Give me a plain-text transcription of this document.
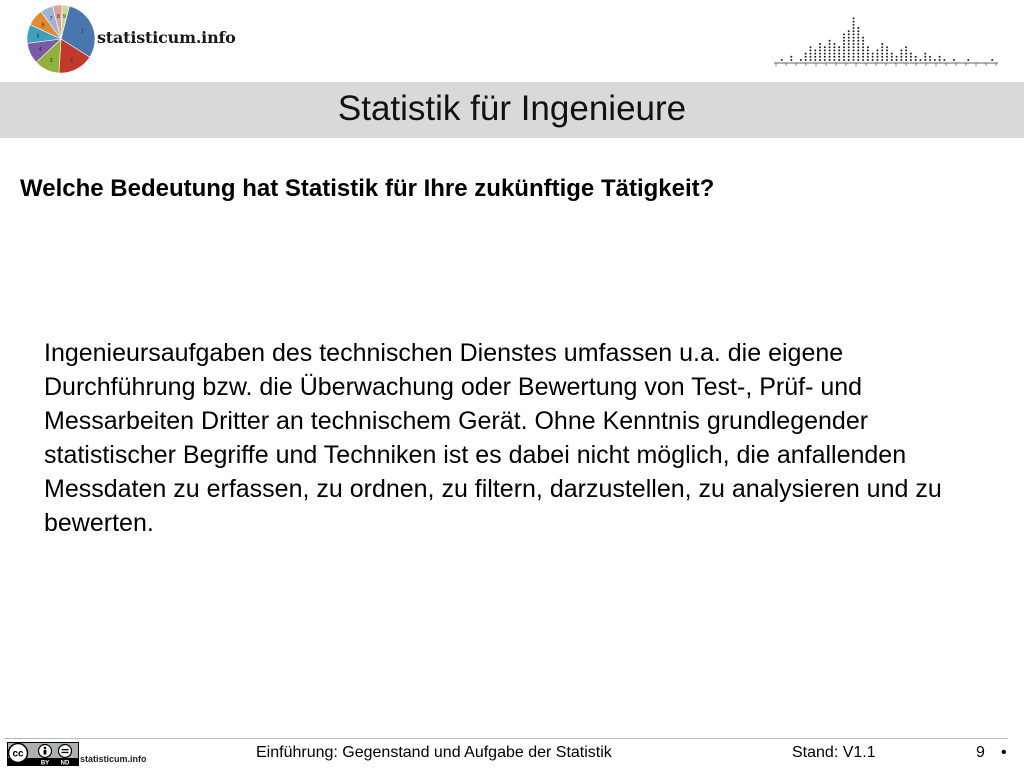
1
2
3
4
5
6
7 8 9
statisticum.info
Statistik für Ingenieure
Welche Bedeutung hat Statistik für Ihre zukünftige Tätigkeit?

Ingenieursaufgaben des technischen Dienstes umfassen u.a. die eigene Durchführung bzw. die Überwachung oder Bewertung von Test-, Prüf- und Messarbeiten Dritter an technischem Gerät. Ohne Kenntnis grundlegender statistischer Begriffe und Techniken ist es dabei nicht möglich, die anfallenden Messdaten zu erfassen, zu ordnen, zu filtern, darzustellen, zu analysieren und zu bewerten.

cc
BY ND statisticum.info	Einführung: Gegenstand und Aufgabe der Statistik	Stand: V1.1	9 •
